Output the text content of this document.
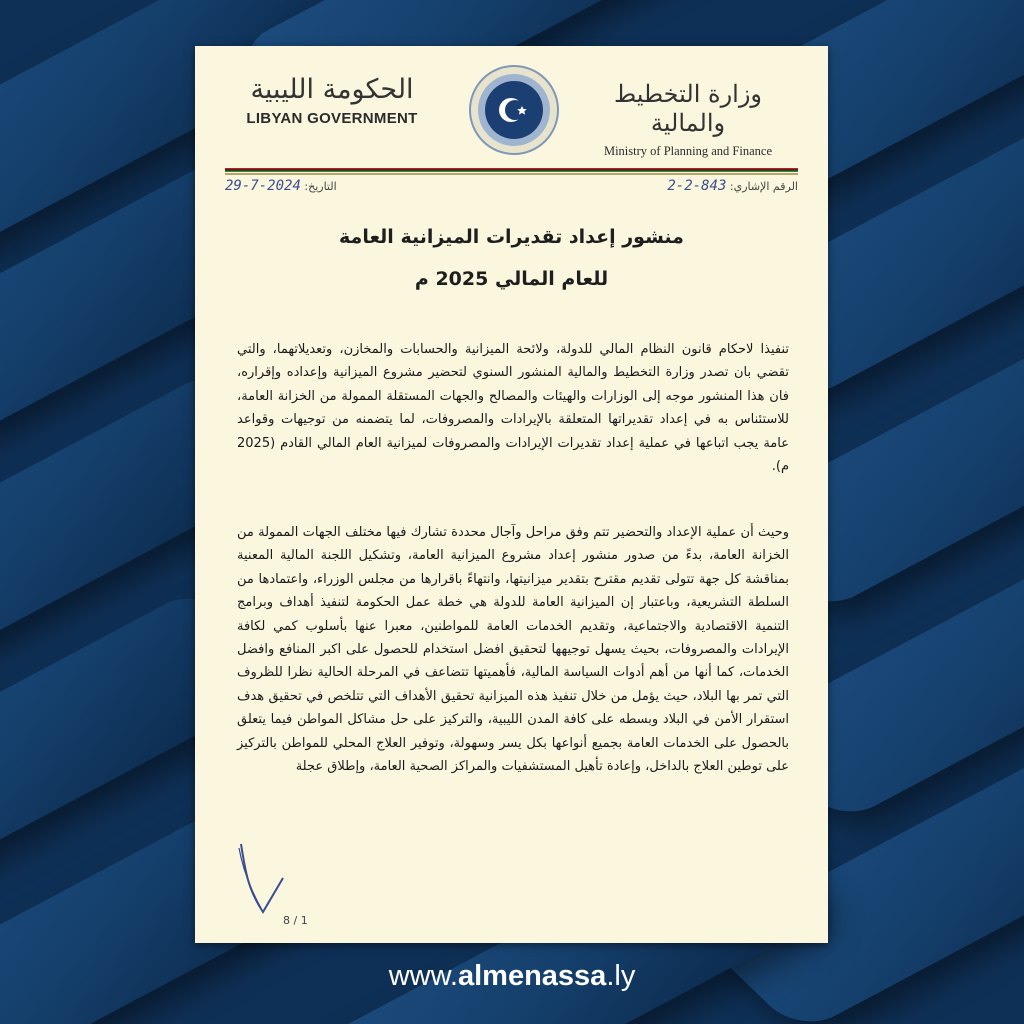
الحكومة الليبية
LIBYAN GOVERNMENT
وزارة التخطيط والمالية
Ministry of Planning and Finance
التاريخ: 2024-7-29	الرقم الإشاري: 843-2-2
منشور إعداد تقديرات الميزانية العامة
للعام المالي 2025 م
تنفيذا لاحكام قانون النظام المالي للدولة، ولائحة الميزانية والحسابات والمخازن، وتعديلاتهما، والتي تقضي بان تصدر وزارة التخطيط والمالية المنشور السنوي لتحضير مشروع الميزانية وإعداده وإقراره، فان هذا المنشور موجه إلى الوزارات والهيئات والمصالح والجهات المستقلة الممولة من الخزانة العامة، للاستئناس به في إعداد تقديراتها المتعلقة بالإيرادات والمصروفات، لما يتضمنه من توجيهات وقواعد عامة يجب اتباعها في عملية إعداد تقديرات الإيرادات والمصروفات لميزانية العام المالي القادم (2025 م).
وحيث أن عملية الإعداد والتحضير تتم وفق مراحل وآجال محددة تشارك فيها مختلف الجهات الممولة من الخزانة العامة، بدءً من صدور منشور إعداد مشروع الميزانية العامة، وتشكيل اللجنة المالية المعنية بمناقشة كل جهة تتولى تقديم مقترح بتقدير ميزانيتها، وانتهاءً باقرارها من مجلس الوزراء، واعتمادها من السلطة التشريعية، وباعتبار إن الميزانية العامة للدولة هي خطة عمل الحكومة لتنفيذ أهداف وبرامج التنمية الاقتصادية والاجتماعية، وتقديم الخدمات العامة للمواطنين، معبرا عنها بأسلوب كمي لكافة الإيرادات والمصروفات، بحيث يسهل توجيهها لتحقيق افضل استخدام للحصول على اكبر المنافع وافضل الخدمات، كما أنها من أهم أدوات السياسة المالية، فأهميتها تتضاعف في المرحلة الحالية نظرا للظروف التي تمر بها البلاد، حيث يؤمل من خلال تنفيذ هذه الميزانية تحقيق الأهداف التي تتلخص في تحقيق هدف استقرار الأمن في البلاد وبسطه على كافة المدن الليبية، والتركيز على حل مشاكل المواطن فيما يتعلق بالحصول على الخدمات العامة بجميع أنواعها بكل يسر وسهولة، وتوفير العلاج المحلي للمواطن بالتركيز على توطين العلاج بالداخل، وإعادة تأهيل المستشفيات والمراكز الصحية العامة، وإطلاق عجلة
8 / 1
www.almenassa.ly
